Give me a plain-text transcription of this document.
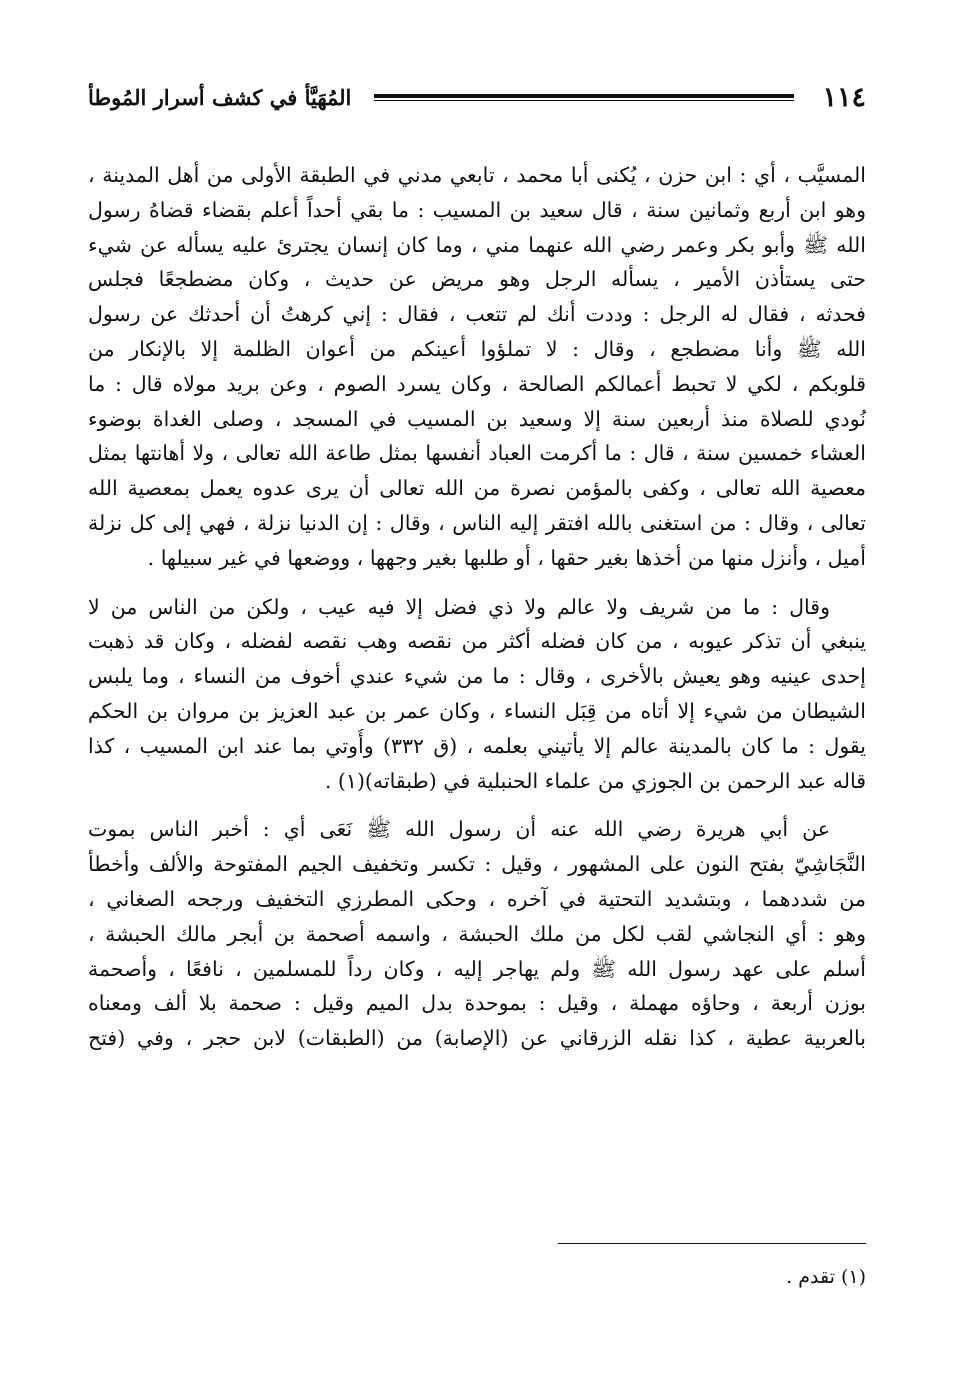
١١٤
المُهَيَّأ في كشف أسرار المُوطأ

المسيَّب ، أي : ابن حزن ، يُكنى أبا محمد ، تابعي مدني في الطبقة الأولى من أهل المدينة ،

وهو ابن أربع وثمانين سنة ، قال سعيد بن المسيب : ما بقي أحداً أعلم بقضاء قضاهُ رسول

الله ﷺ وأبو بكر وعمر رضي الله عنهما مني ، وما كان إنسان يجترئ عليه يسأله عن شيء

حتى يستأذن الأمير ، يسأله الرجل وهو مريض عن حديث ، وكان مضطجعًا فجلس

فحدثه ، فقال له الرجل : وددت أنك لم تتعب ، فقال : إني كرهتُ أن أحدثك عن رسول

الله ﷺ وأنا مضطجع ، وقال : لا تملؤوا أعينكم من أعوان الظلمة إلا بالإنكار من

قلوبكم ، لكي لا تحبط أعمالكم الصالحة ، وكان يسرد الصوم ، وعن بريد مولاه قال : ما

نُودي للصلاة منذ أربعين سنة إلا وسعيد بن المسيب في المسجد ، وصلى الغداة بوضوء

العشاء خمسين سنة ، قال : ما أكرمت العباد أنفسها بمثل طاعة الله تعالى ، ولا أهانتها بمثل

معصية الله تعالى ، وكفى بالمؤمن نصرة من الله تعالى أن يرى عدوه يعمل بمعصية الله

تعالى ، وقال : من استغنى بالله افتقر إليه الناس ، وقال : إن الدنيا نزلة ، فهي إلى كل نزلة

أميل ، وأنزل منها من أخذها بغير حقها ، أو طلبها بغير وجهها ، ووضعها في غير سبيلها .

وقال : ما من شريف ولا عالم ولا ذي فضل إلا فيه عيب ، ولكن من الناس من لا

ينبغي أن تذكر عيوبه ، من كان فضله أكثر من نقصه وهب نقصه لفضله ، وكان قد ذهبت

إحدى عينيه وهو يعيش بالأخرى ، وقال : ما من شيء عندي أخوف من النساء ، وما يلبس

الشيطان من شيء إلا أتاه من قِبَل النساء ، وكان عمر بن عبد العزيز بن مروان بن الحكم

يقول : ما كان بالمدينة عالم إلا يأتيني بعلمه ، (ق ٣٣٢) وأُوتي بما عند ابن المسيب ، كذا

قاله عبد الرحمن بن الجوزي من علماء الحنبلية في (طبقاته)(١) .

عن أبي هريرة رضي الله عنه أن رسول الله ﷺ نَعَى أي : أخبر الناس بموت

النَّجَاشِيّ بفتح النون على المشهور ، وقيل : تكسر وتخفيف الجيم المفتوحة والألف وأخطأ

من شددهما ، وبتشديد التحتية في آخره ، وحكى المطرزي التخفيف ورجحه الصغاني ،

وهو : أي النجاشي لقب لكل من ملك الحبشة ، واسمه أصحمة بن أبجر مالك الحبشة ،

أسلم على عهد رسول الله ﷺ ولم يهاجر إليه ، وكان رداً للمسلمين ، نافعًا ، وأصحمة

بوزن أربعة ، وحاؤه مهملة ، وقيل : بموحدة بدل الميم وقيل : صحمة بلا ألف ومعناه

بالعربية عطية ، كذا نقله الزرقاني عن (الإصابة) من (الطبقات) لابن حجر ، وفي (فتح

(١) تقدم .
